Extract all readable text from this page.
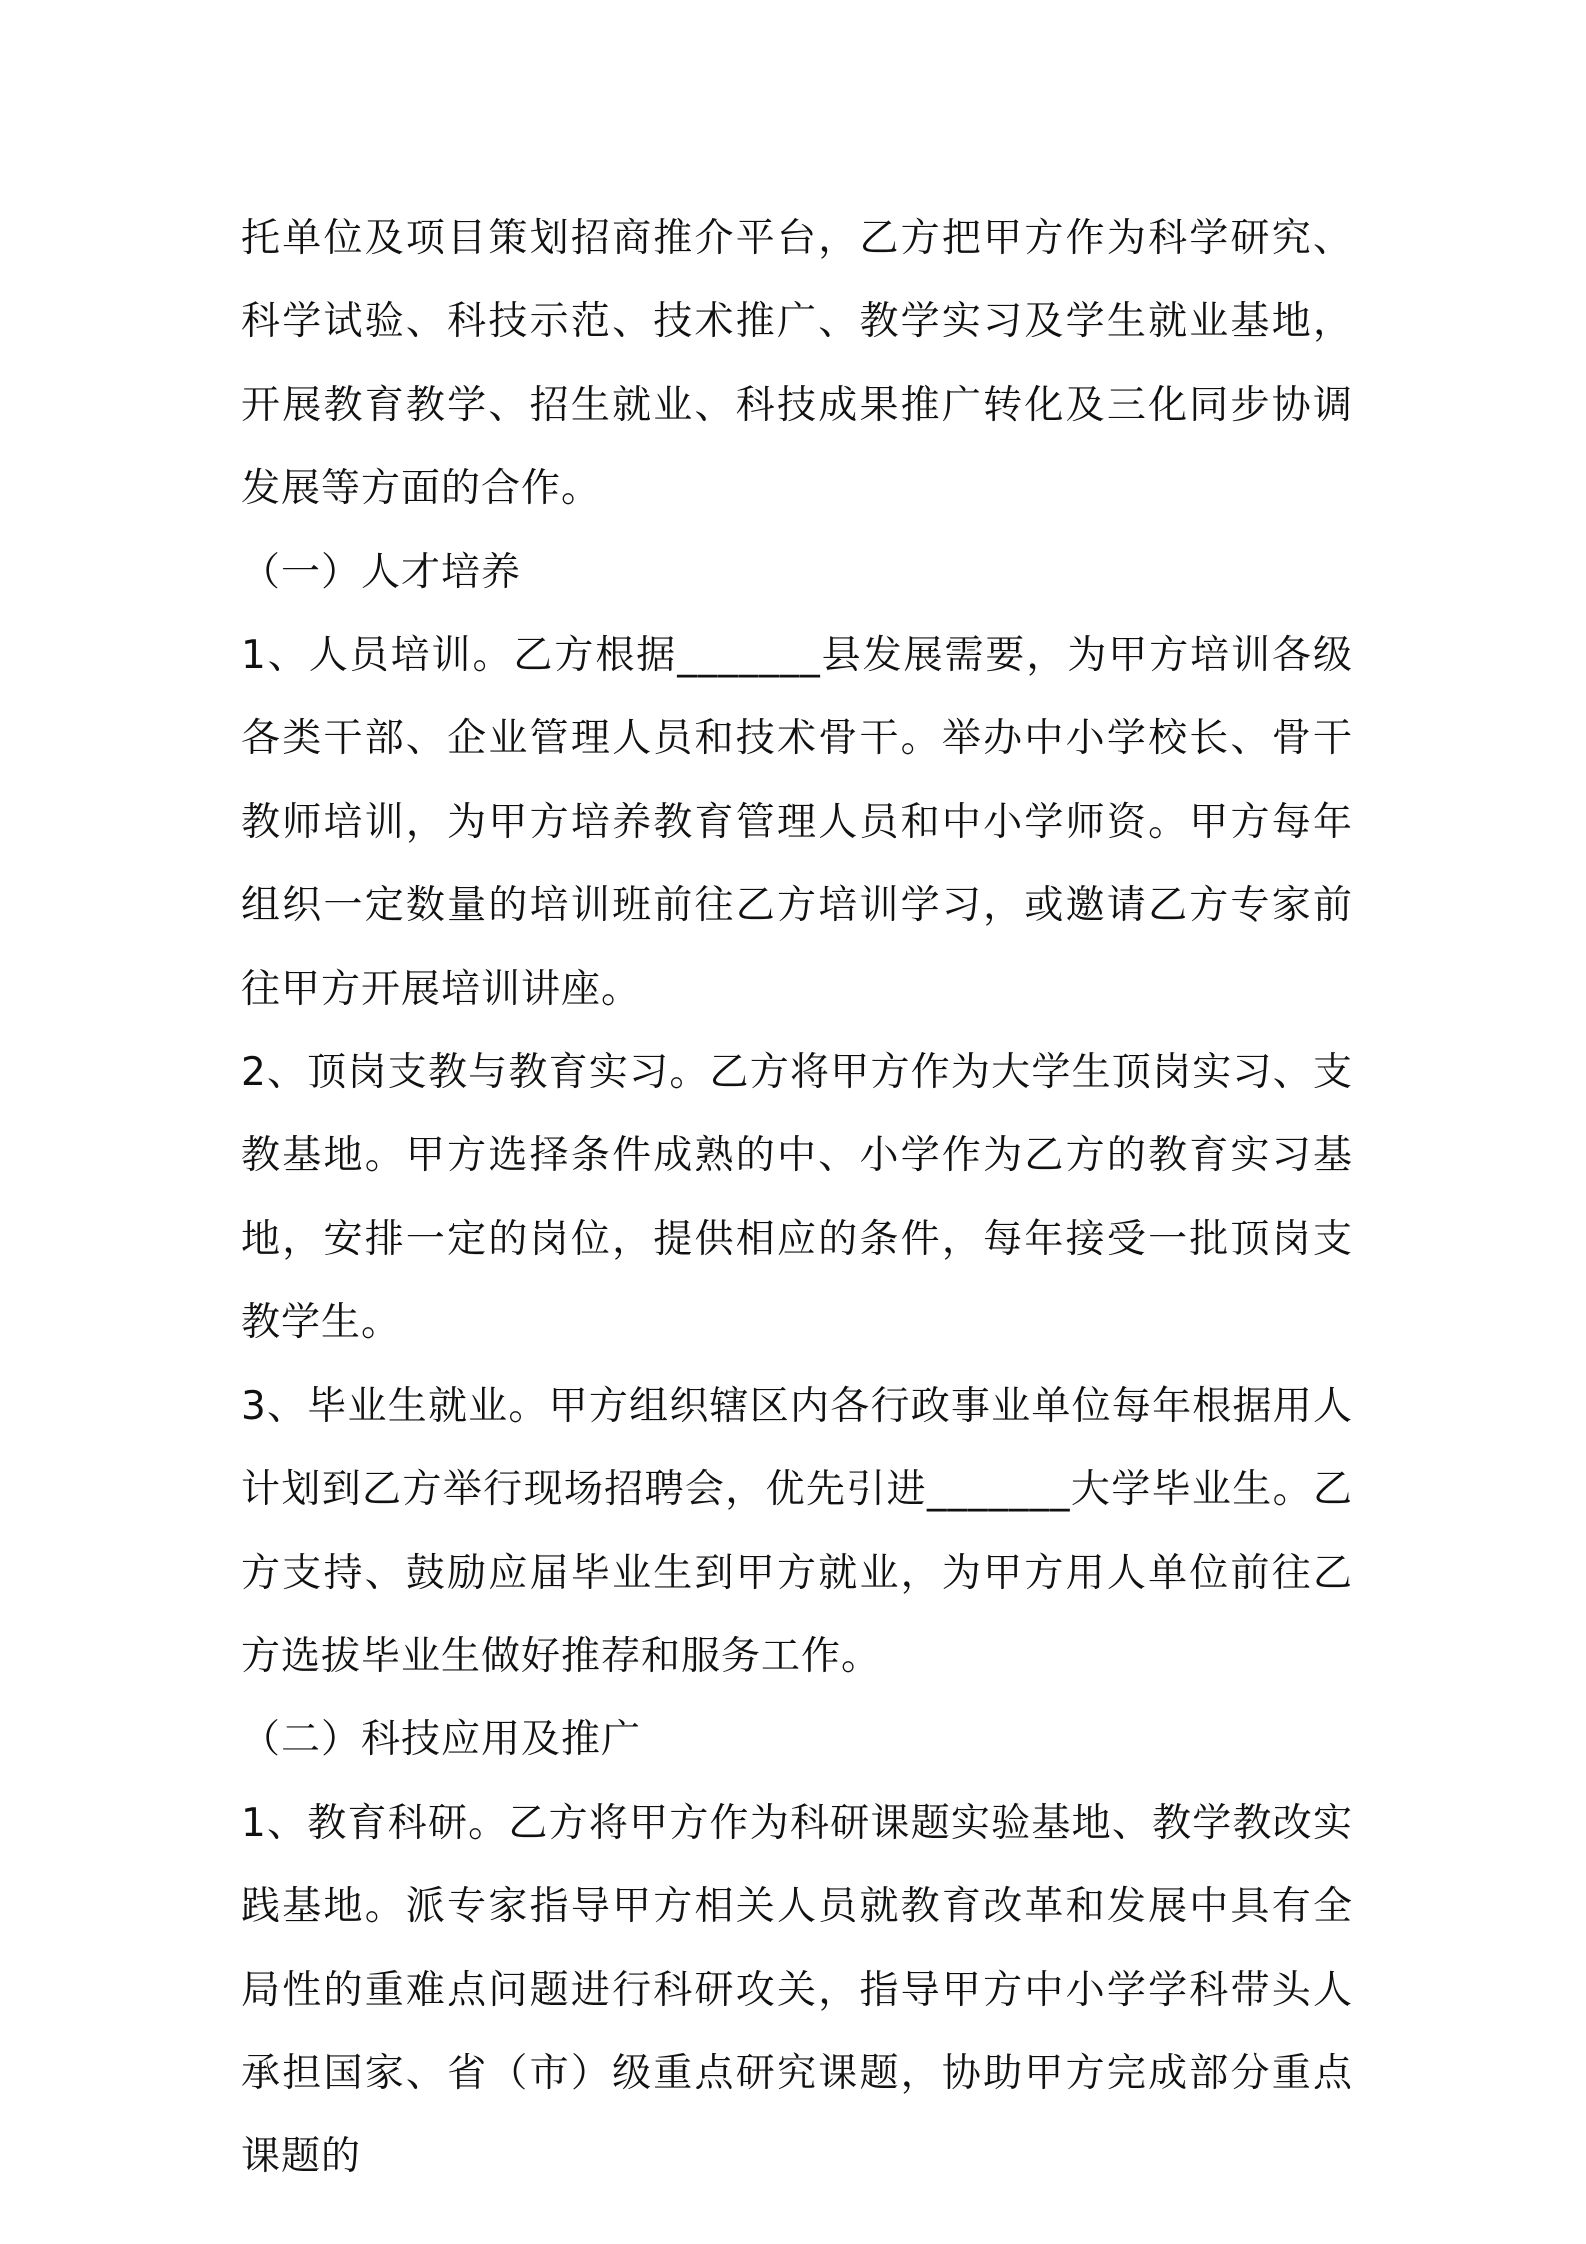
托单位及项目策划招商推介平台，乙方把甲方作为科学研究、科学试验、科技示范、技术推广、教学实习及学生就业基地，开展教育教学、招生就业、科技成果推广转化及三化同步协调发展等方面的合作。

（一）人才培养

1、人员培训。乙方根据_______县发展需要，为甲方培训各级各类干部、企业管理人员和技术骨干。举办中小学校长、骨干教师培训，为甲方培养教育管理人员和中小学师资。甲方每年组织一定数量的培训班前往乙方培训学习，或邀请乙方专家前往甲方开展培训讲座。

2、顶岗支教与教育实习。乙方将甲方作为大学生顶岗实习、支教基地。甲方选择条件成熟的中、小学作为乙方的教育实习基地，安排一定的岗位，提供相应的条件，每年接受一批顶岗支教学生。

3、毕业生就业。甲方组织辖区内各行政事业单位每年根据用人计划到乙方举行现场招聘会，优先引进_______大学毕业生。乙方支持、鼓励应届毕业生到甲方就业，为甲方用人单位前往乙方选拔毕业生做好推荐和服务工作。

（二）科技应用及推广

1、教育科研。乙方将甲方作为科研课题实验基地、教学教改实践基地。派专家指导甲方相关人员就教育改革和发展中具有全局性的重难点问题进行科研攻关，指导甲方中小学学科带头人承担国家、省（市）级重点研究课题，协助甲方完成部分重点课题的
